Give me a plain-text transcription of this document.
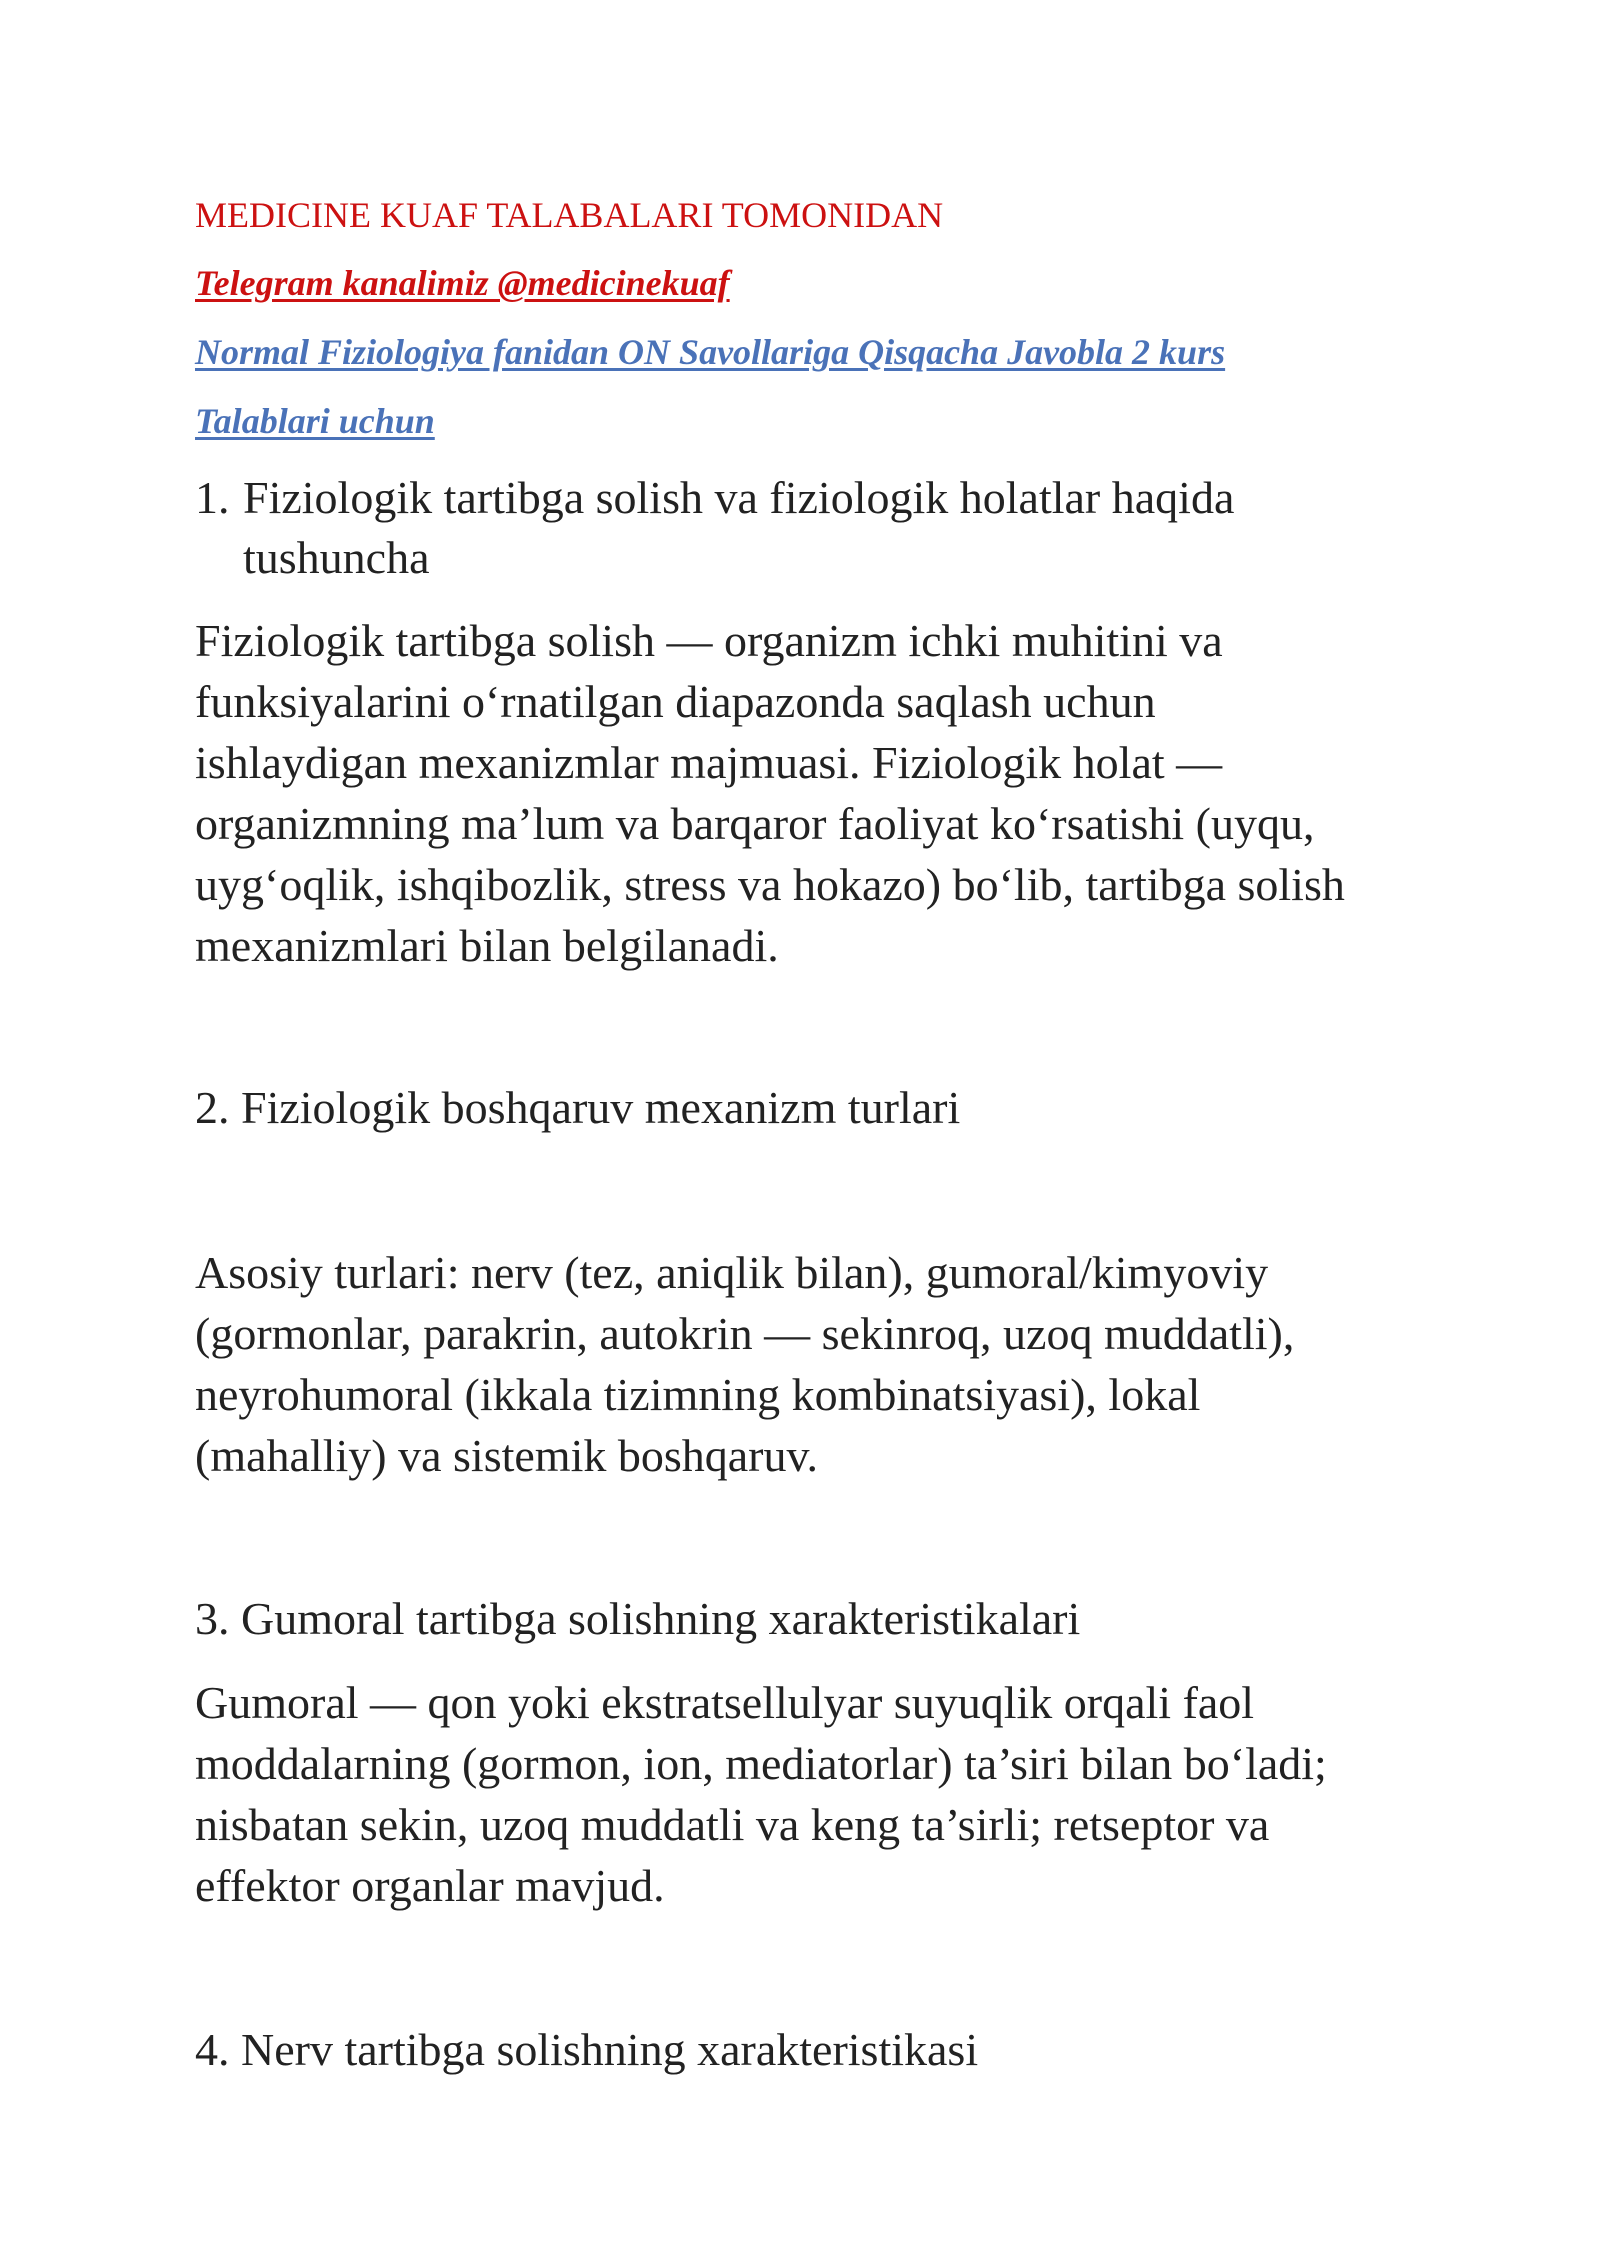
MEDICINE KUAF TALABALARI TOMONIDAN

Telegram kanalimiz @medicinekuaf

Normal Fiziologiya fanidan ON Savollariga Qisqacha Javobla 2 kurs

Talablari uchun

1. Fiziologik tartibga solish va fiziologik holatlar haqida

tushuncha

Fiziologik tartibga solish — organizm ichki muhitini va
funksiyalarini oʻrnatilgan diapazonda saqlash uchun
ishlaydigan mexanizmlar majmuasi. Fiziologik holat —
organizmning ma’lum va barqaror faoliyat koʻrsatishi (uyqu,
uygʻoqlik, ishqibozlik, stress va hokazo) boʻlib, tartibga solish
mexanizmlari bilan belgilanadi.

2. Fiziologik boshqaruv mexanizm turlari

Asosiy turlari: nerv (tez, aniqlik bilan), gumoral/kimyoviy
(gormonlar, parakrin, autokrin — sekinroq, uzoq muddatli),
neyrohumoral (ikkala tizimning kombinatsiyasi), lokal
(mahalliy) va sistemik boshqaruv.

3. Gumoral tartibga solishning xarakteristikalari

Gumoral — qon yoki ekstratsellulyar suyuqlik orqali faol
moddalarning (gormon, ion, mediatorlar) ta’siri bilan boʻladi;
nisbatan sekin, uzoq muddatli va keng ta’sirli; retseptor va
effektor organlar mavjud.

4. Nerv tartibga solishning xarakteristikasi
